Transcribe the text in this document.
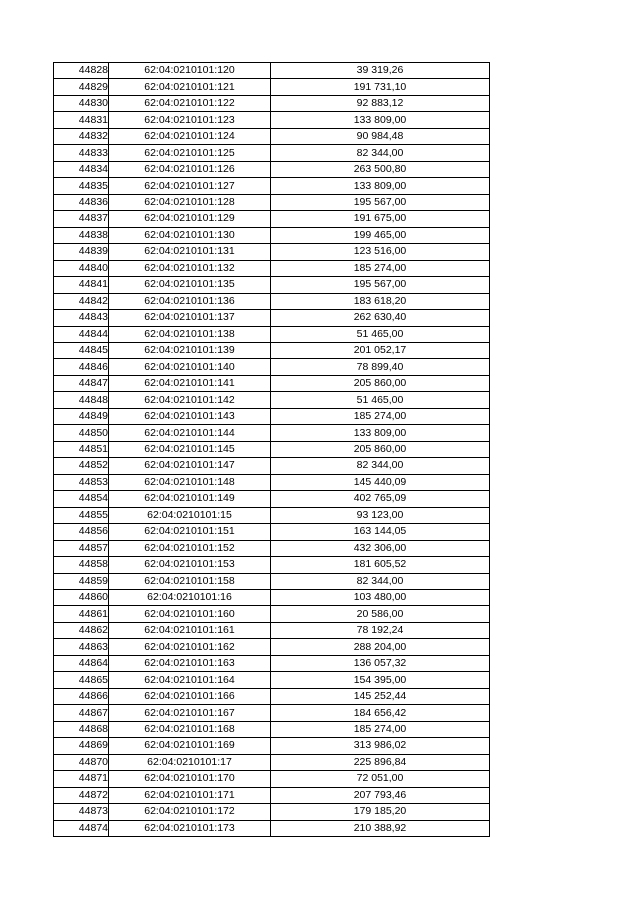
44828	62:04:0210101:120	39 319,26
44829	62:04:0210101:121	191 731,10
44830	62:04:0210101:122	92 883,12
44831	62:04:0210101:123	133 809,00
44832	62:04:0210101:124	90 984,48
44833	62:04:0210101:125	82 344,00
44834	62:04:0210101:126	263 500,80
44835	62:04:0210101:127	133 809,00
44836	62:04:0210101:128	195 567,00
44837	62:04:0210101:129	191 675,00
44838	62:04:0210101:130	199 465,00
44839	62:04:0210101:131	123 516,00
44840	62:04:0210101:132	185 274,00
44841	62:04:0210101:135	195 567,00
44842	62:04:0210101:136	183 618,20
44843	62:04:0210101:137	262 630,40
44844	62:04:0210101:138	51 465,00
44845	62:04:0210101:139	201 052,17
44846	62:04:0210101:140	78 899,40
44847	62:04:0210101:141	205 860,00
44848	62:04:0210101:142	51 465,00
44849	62:04:0210101:143	185 274,00
44850	62:04:0210101:144	133 809,00
44851	62:04:0210101:145	205 860,00
44852	62:04:0210101:147	82 344,00
44853	62:04:0210101:148	145 440,09
44854	62:04:0210101:149	402 765,09
44855	62:04:0210101:15	93 123,00
44856	62:04:0210101:151	163 144,05
44857	62:04:0210101:152	432 306,00
44858	62:04:0210101:153	181 605,52
44859	62:04:0210101:158	82 344,00
44860	62:04:0210101:16	103 480,00
44861	62:04:0210101:160	20 586,00
44862	62:04:0210101:161	78 192,24
44863	62:04:0210101:162	288 204,00
44864	62:04:0210101:163	136 057,32
44865	62:04:0210101:164	154 395,00
44866	62:04:0210101:166	145 252,44
44867	62:04:0210101:167	184 656,42
44868	62:04:0210101:168	185 274,00
44869	62:04:0210101:169	313 986,02
44870	62:04:0210101:17	225 896,84
44871	62:04:0210101:170	72 051,00
44872	62:04:0210101:171	207 793,46
44873	62:04:0210101:172	179 185,20
44874	62:04:0210101:173	210 388,92
